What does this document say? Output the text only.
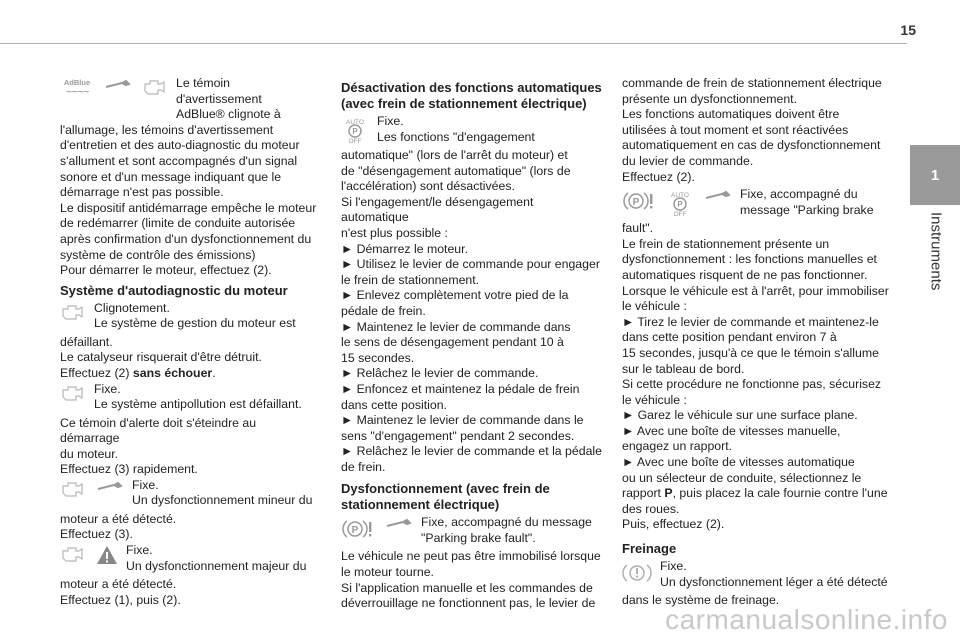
15
1
Instruments
AdBlue
∼∼∼∼

Le témoin d'avertissement

AdBlue® clignote à

l'allumage, les témoins d'avertissement

d'entretien et des auto-diagnostic du moteur

s'allument et sont accompagnés d'un signal

sonore et d'un message indiquant que le

démarrage n'est pas possible.

Le dispositif antidémarrage empêche le moteur

de redémarrer (limite de conduite autorisée

après confirmation d'un dysfonctionnement du

système de contrôle des émissions)

Pour démarrer le moteur, effectuez (2).

Système d'autodiagnostic du moteur

Clignotement.

Le système de gestion du moteur est

défaillant.

Le catalyseur risquerait d'être détruit.

Effectuez (2) sans échouer.

Fixe.

Le système antipollution est défaillant.

Ce témoin d'alerte doit s'éteindre au démarrage

du moteur.

Effectuez (3) rapidement.

Fixe.

Un dysfonctionnement mineur du

moteur a été détecté.

Effectuez (3).

Fixe.

Un dysfonctionnement majeur du

moteur a été détecté.

Effectuez (1), puis (2).

Désactivation des fonctions automatiques (avec frein de stationnement électrique)
AUTO
P
OFF

Fixe.

Les fonctions "d'engagement

automatique" (lors de l'arrêt du moteur) et

de "désengagement automatique" (lors de

l'accélération) sont désactivées.

Si l'engagement/le désengagement automatique

n'est plus possible :

► Démarrez le moteur.

► Utilisez le levier de commande pour engager

le frein de stationnement.

► Enlevez complètement votre pied de la

pédale de frein.

► Maintenez le levier de commande dans

le sens de désengagement pendant 10 à

15 secondes.

► Relâchez le levier de commande.

► Enfoncez et maintenez la pédale de frein

dans cette position.

► Maintenez le levier de commande dans le

sens "d'engagement" pendant 2 secondes.

► Relâchez le levier de commande et la pédale

de frein.

Dysfonctionnement (avec frein de stationnement électrique)
P

Fixe, accompagné du message

"Parking brake fault".

Le véhicule ne peut pas être immobilisé lorsque

le moteur tourne.

Si l'application manuelle et les commandes de

déverrouillage ne fonctionnent pas, le levier de

commande de frein de stationnement électrique

présente un dysfonctionnement.

Les fonctions automatiques doivent être

utilisées à tout moment et sont réactivées

automatiquement en cas de dysfonctionnement

du levier de commande.

Effectuez (2).

P
AUTO
P
OFF

Fixe, accompagné du

message "Parking brake

fault".

Le frein de stationnement présente un

dysfonctionnement : les fonctions manuelles et

automatiques risquent de ne pas fonctionner.

Lorsque le véhicule est à l'arrêt, pour immobiliser

le véhicule :

► Tirez le levier de commande et maintenez-le

dans cette position pendant environ 7 à

15 secondes, jusqu'à ce que le témoin s'allume

sur le tableau de bord.

Si cette procédure ne fonctionne pas, sécurisez

le véhicule :

► Garez le véhicule sur une surface plane.

► Avec une boîte de vitesses manuelle,

engagez un rapport.

► Avec une boîte de vitesses automatique

ou un sélecteur de conduite, sélectionnez le

rapport P, puis placez la cale fournie contre l'une

des roues.

Puis, effectuez (2).

Freinage

Fixe.

Un dysfonctionnement léger a été détecté

dans le système de freinage.

carmanualsonline.info
